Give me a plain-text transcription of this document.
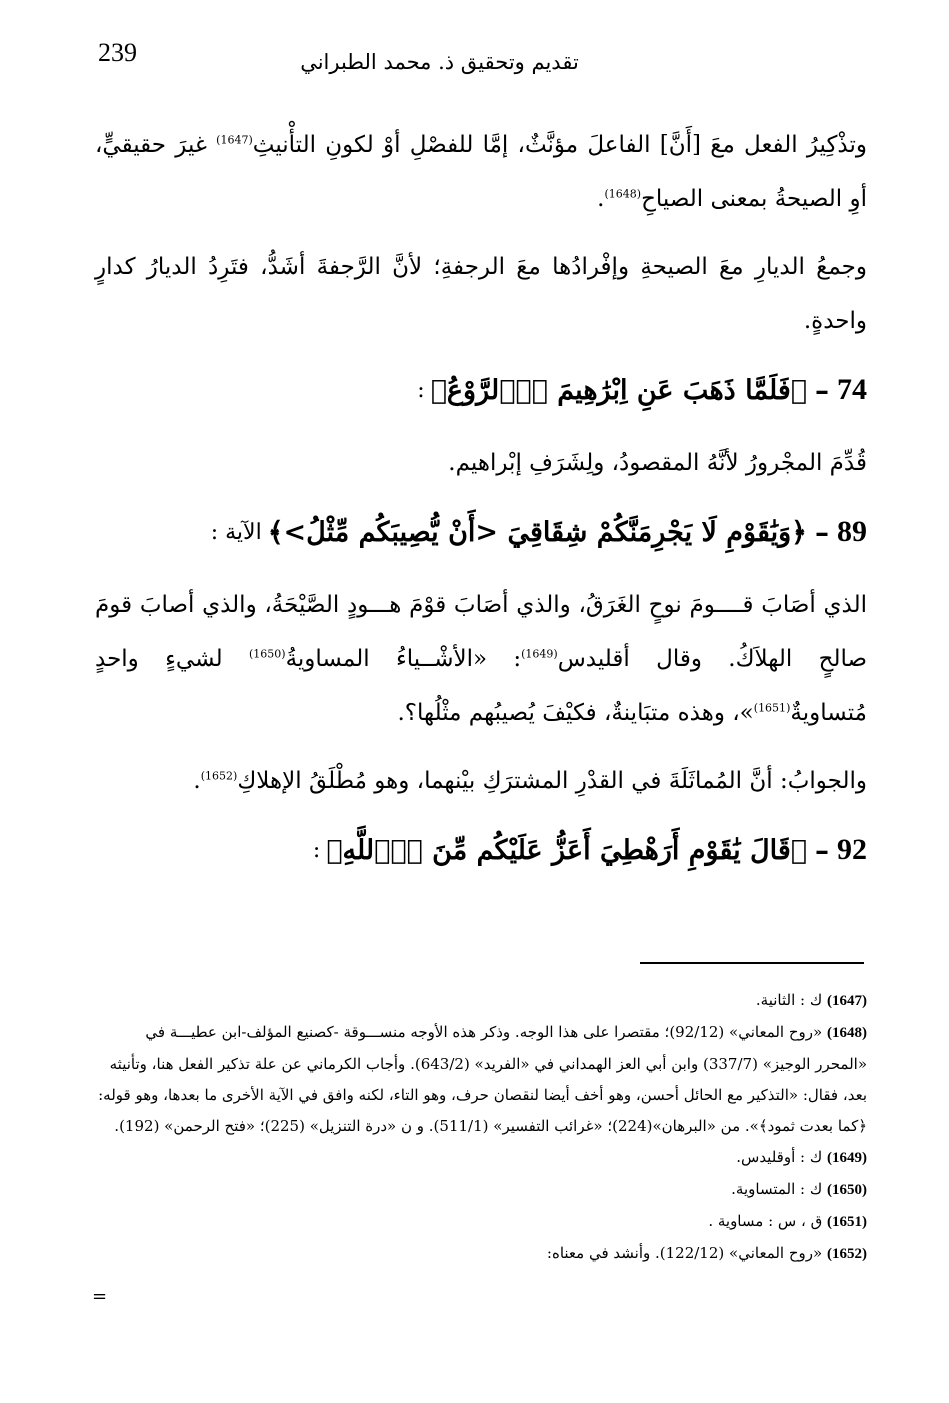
239	تقديم وتحقيق ذ. محمد الطبراني

وتذْكِيرُ الفعل معَ [أَنَّ] الفاعلَ مؤنَّثٌ، إمَّا للفصْلِ أوْ لكونِ التأْنيثِ$^{(1647)}$ غيرَ حقيقيٍّ، أوِ الصيحةُ بمعنى الصياحِ$^{(1648)}$.

وجمعُ الديارِ معَ الصيحةِ وإفْرادُها معَ الرجفةِ؛ لأنَّ الرَّجفةَ أشَدُّ، فتَرِدُ الديارُ كدارٍ واحدةٍ.

74
–
﴿فَلَمَّا ذَهَبَ عَنِ اِبْرَٰهِيمَ اَ۬لرَّوْعُ﴾
:

قُدِّمَ المجْرورُ لأنَّهُ المقصودُ، ولِشَرَفِ إبْراهيم.

89
–
﴿وَيَٰقَوْمِ لَا يَجْرِمَنَّكُمْ شِقَاقِيَ <أَنْ يُّصِيبَكُم مِّثْلُ>﴾
الآية :

الذي أصَابَ قــــومَ نوحٍ الغَرَقُ، والذي أصَابَ قوْمَ هـــودٍ الصَّيْحَةُ، والذي أصابَ قومَ صالحٍ الهلاَكُ. وقال أقليدس$^{(1649)}$: «الأشْــياءُ المساويةُ$^{(1650)}$ لشيءٍ واحدٍ مُتساويةٌ$^{(1651)}$»، وهذه متبَاينةٌ، فكيْفَ يُصيبُهم مثْلُها؟.

والجوابُ: أنَّ المُماثَلَةَ في القدْرِ المشترَكِ بيْنهما، وهو مُطْلَقُ الإهلاكِ$^{(1652)}$.

92
–
﴿قَالَ يَٰقَوْمِ أَرَهْطِيَ أَعَزُّ عَلَيْكُم مِّنَ اَ۬للَّهِ﴾
:

(1647) ك : الثانية.

(1648) «روح المعاني» (92/12)؛ مقتصرا على هذا الوجه. وذكر هذه الأوجه منســـوقة -كصنيع المؤلف-ابن عطيـــة في «المحرر الوجيز» (337/7) وابن أبي العز الهمداني في «الفريد» (643/2). وأجاب الكرماني عن علة تذكير الفعل هنا، وتأنيثه بعد، فقال: «التذكير مع الحائل أحسن، وهو أخف أيضا لنقصان حرف، وهو التاء، لكنه وافق في الآية الأخرى ما بعدها، وهو قوله:﴿كما بعدت ثمود﴾». من «البرهان»(224)؛ «غرائب التفسير» (511/1). و ن «درة التنزيل» (225)؛ «فتح الرحمن» (192).

(1649) ك : أوقليدس.

(1650) ك : المتساوية.

(1651) ق ، س : مساوية .

(1652) «روح المعاني» (122/12). وأنشد في معناه:

=
